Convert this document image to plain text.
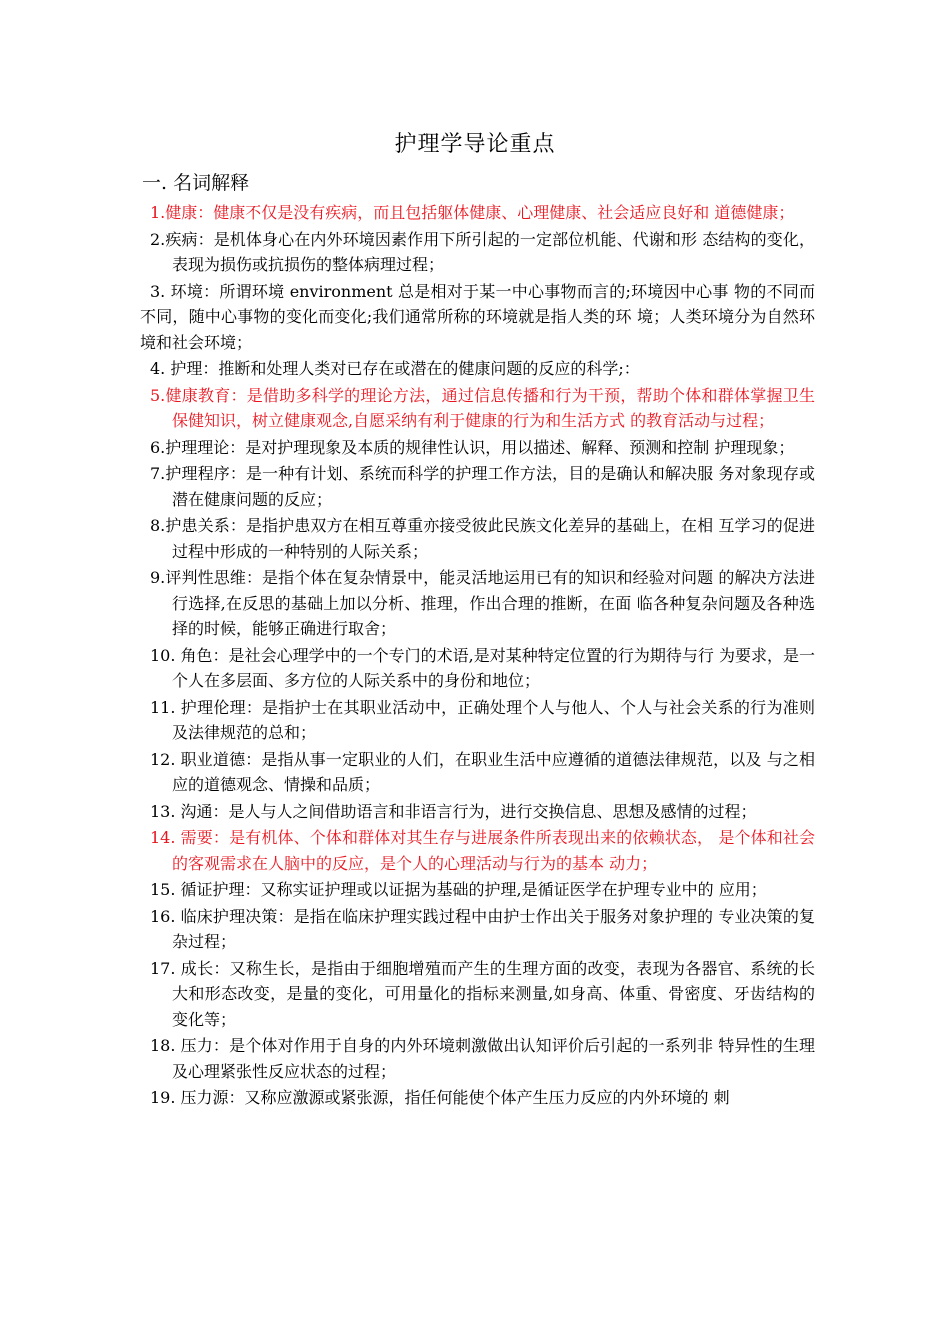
护理学导论重点
一. 名词解释
1.健康：健康不仅是没有疾病，而且包括躯体健康、心理健康、社会适应良好和 道德健康；
2.疾病：是机体身心在内外环境因素作用下所引起的一定部位机能、代谢和形 态结构的变化，表现为损伤或抗损伤的整体病理过程；
3. 环境：所谓环境 environment 总是相对于某一中心事物而言的;环境因中心事 物的不同而不同，随中心事物的变化而变化;我们通常所称的环境就是指人类的环 境；人类环境分为自然环境和社会环境；
4. 护理：推断和处理人类对已存在或潜在的健康问题的反应的科学;：
5.健康教育：是借助多科学的理论方法，通过信息传播和行为干预，帮助个体和群体掌握卫生保健知识，树立健康观念,自愿采纳有利于健康的行为和生活方式 的教育活动与过程；
6.护理理论：是对护理现象及本质的规律性认识，用以描述、解释、预测和控制 护理现象；
7.护理程序：是一种有计划、系统而科学的护理工作方法，目的是确认和解决服 务对象现存或潜在健康问题的反应；
8.护患关系：是指护患双方在相互尊重亦接受彼此民族文化差异的基础上，在相 互学习的促进过程中形成的一种特别的人际关系；
9.评判性思维：是指个体在复杂情景中，能灵活地运用已有的知识和经验对问题 的解决方法进行选择,在反思的基础上加以分析、推理，作出合理的推断，在面 临各种复杂问题及各种选择的时候，能够正确进行取舍；
10. 角色：是社会心理学中的一个专门的术语,是对某种特定位置的行为期待与行 为要求，是一个人在多层面、多方位的人际关系中的身份和地位；
11. 护理伦理：是指护士在其职业活动中，正确处理个人与他人、个人与社会关系的行为准则及法律规范的总和；
12. 职业道德：是指从事一定职业的人们，在职业生活中应遵循的道德法律规范，以及 与之相应的道德观念、情操和品质；
13. 沟通：是人与人之间借助语言和非语言行为，进行交换信息、思想及感情的过程；
14. 需要：是有机体、个体和群体对其生存与进展条件所表现出来的依赖状态， 是个体和社会的客观需求在人脑中的反应，是个人的心理活动与行为的基本 动力；
15. 循证护理：又称实证护理或以证据为基础的护理,是循证医学在护理专业中的 应用；
16. 临床护理决策：是指在临床护理实践过程中由护士作出关于服务对象护理的 专业决策的复杂过程；
17. 成长：又称生长，是指由于细胞增殖而产生的生理方面的改变，表现为各器官、系统的长大和形态改变，是量的变化，可用量化的指标来测量,如身高、体重、骨密度、牙齿结构的变化等；
18. 压力：是个体对作用于自身的内外环境刺激做出认知评价后引起的一系列非 特异性的生理及心理紧张性反应状态的过程；
19. 压力源：又称应激源或紧张源，指任何能使个体产生压力反应的内外环境的 刺
